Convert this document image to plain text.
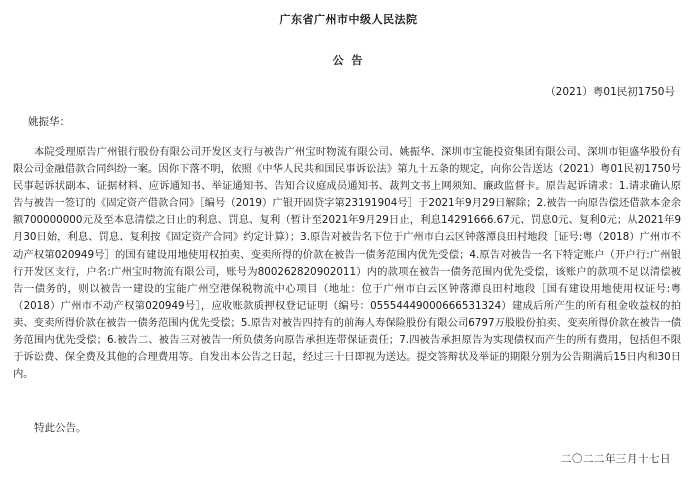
广东省广州市中级人民法院
公 告
（2021）粤01民初1750号
姚振华：

本院受理原告广州银行股份有限公司开发区支行与被告广州宝时物流有限公司、姚振华、深圳市宝能投资集团有限公司、深圳市钜盛华股份有限公司金融借款合同纠纷一案。因你下落不明，依照《中华人民共和国民事诉讼法》第九十五条的规定，向你公告送达（2021）粤01民初1750号民事起诉状副本、证据材料、应诉通知书、举证通知书、告知合议庭成员通知书、裁判文书上网须知、廉政监督卡。原告起诉请求：1.请求确认原告与被告一签订的《固定资产借款合同》［编号（2019）广银开固贷字第23191904号］于2021年9月29日解除；2.被告一向原告偿还借款本金余额700000000元及至本息清偿之日止的利息、罚息、复利（暂计至2021年9月29日止，利息14291666.67元、罚息0元、复利0元；从2021年9月30日始，利息、罚息、复利按《固定资产合同》约定计算）；3.原告对被告名下位于广州市白云区钟落潭良田村地段［证号:粤（2018）广州市不动产权第020949号］的国有建设用地使用权拍卖、变卖所得的价款在被告一债务范围内优先受偿；4.原告对被告一名下特定账户（开户行:广州银行开发区支行，户名:广州宝时物流有限公司，账号为800262820902011）内的款项在被告一债务范围内优先受偿，该账户的款项不足以清偿被告一债务的，则以被告一建设的宝能广州空港保税物流中心项目（地址：位于广州市白云区钟落潭良田村地段［国有建设用地使用权证号:粤（2018）广州市不动产权第020949号］，应收账款质押权登记证明（编号：05554449000666531324）建成后所产生的所有租金收益权的拍卖、变卖所得价款在被告一债务范围内优先受偿；5.原告对被告四持有的前海人寿保险股份有限公司6797万股股份拍卖、变卖所得价款在被告一债务范围内优先受偿；6.被告二、被告三对被告一所负债务向原告承担连带保证责任；7.四被告承担原告为实现债权而产生的所有费用，包括但不限于诉讼费、保全费及其他的合理费用等。自发出本公告之日起，经过三十日即视为送达。提交答辩状及举证的期限分别为公告期满后15日内和30日内。

特此公告。
二〇二二年三月十七日
